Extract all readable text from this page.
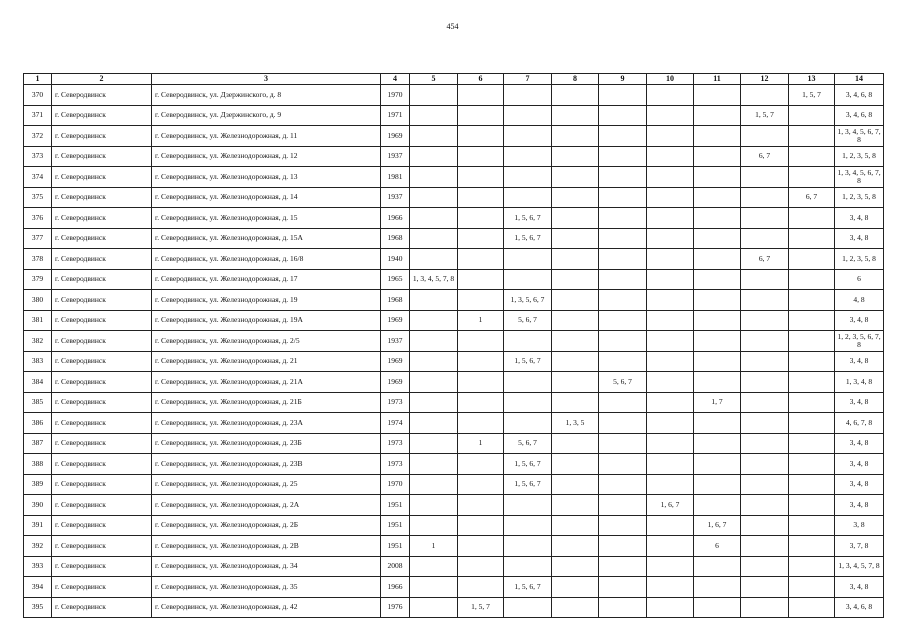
454
1	2	3	4	5	6	7	8	9	10	11	12	13	14
370	г. Северодвинск	г. Северодвинск, ул. Дзержинского, д. 8	1970									1, 5, 7	3, 4, 6, 8
371	г. Северодвинск	г. Северодвинск, ул. Дзержинского, д. 9	1971								1, 5, 7		3, 4, 6, 8
372	г. Северодвинск	г. Северодвинск, ул. Железнодорожная, д. 11	1969										1, 3, 4, 5, 6, 7, 8
373	г. Северодвинск	г. Северодвинск, ул. Железнодорожная, д. 12	1937								6, 7		1, 2, 3, 5, 8
374	г. Северодвинск	г. Северодвинск, ул. Железнодорожная, д. 13	1981										1, 3, 4, 5, 6, 7, 8
375	г. Северодвинск	г. Северодвинск, ул. Железнодорожная, д. 14	1937									6, 7	1, 2, 3, 5, 8
376	г. Северодвинск	г. Северодвинск, ул. Железнодорожная, д. 15	1966			1, 5, 6, 7							3, 4, 8
377	г. Северодвинск	г. Северодвинск, ул. Железнодорожная, д. 15А	1968			1, 5, 6, 7							3, 4, 8
378	г. Северодвинск	г. Северодвинск, ул. Железнодорожная, д. 16/8	1940								6, 7		1, 2, 3, 5, 8
379	г. Северодвинск	г. Северодвинск, ул. Железнодорожная, д. 17	1965	1, 3, 4, 5, 7, 8									6
380	г. Северодвинск	г. Северодвинск, ул. Железнодорожная, д. 19	1968			1, 3, 5, 6, 7							4, 8
381	г. Северодвинск	г. Северодвинск, ул. Железнодорожная, д. 19А	1969		1	5, 6, 7							3, 4, 8
382	г. Северодвинск	г. Северодвинск, ул. Железнодорожная, д. 2/5	1937										1, 2, 3, 5, 6, 7, 8
383	г. Северодвинск	г. Северодвинск, ул. Железнодорожная, д. 21	1969			1, 5, 6, 7							3, 4, 8
384	г. Северодвинск	г. Северодвинск, ул. Железнодорожная, д. 21А	1969					5, 6, 7					1, 3, 4, 8
385	г. Северодвинск	г. Северодвинск, ул. Железнодорожная, д. 21Б	1973							1, 7			3, 4, 8
386	г. Северодвинск	г. Северодвинск, ул. Железнодорожная, д. 23А	1974				1, 3, 5						4, 6, 7, 8
387	г. Северодвинск	г. Северодвинск, ул. Железнодорожная, д. 23Б	1973		1	5, 6, 7							3, 4, 8
388	г. Северодвинск	г. Северодвинск, ул. Железнодорожная, д. 23В	1973			1, 5, 6, 7							3, 4, 8
389	г. Северодвинск	г. Северодвинск, ул. Железнодорожная, д. 25	1970			1, 5, 6, 7							3, 4, 8
390	г. Северодвинск	г. Северодвинск, ул. Железнодорожная, д. 2А	1951						1, 6, 7				3, 4, 8
391	г. Северодвинск	г. Северодвинск, ул. Железнодорожная, д. 2Б	1951							1, 6, 7			3, 8
392	г. Северодвинск	г. Северодвинск, ул. Железнодорожная, д. 2В	1951	1						6			3, 7, 8
393	г. Северодвинск	г. Северодвинск, ул. Железнодорожная, д. 34	2008										1, 3, 4, 5, 7, 8
394	г. Северодвинск	г. Северодвинск, ул. Железнодорожная, д. 35	1966			1, 5, 6, 7							3, 4, 8
395	г. Северодвинск	г. Северодвинск, ул. Железнодорожная, д. 42	1976		1, 5, 7								3, 4, 6, 8
